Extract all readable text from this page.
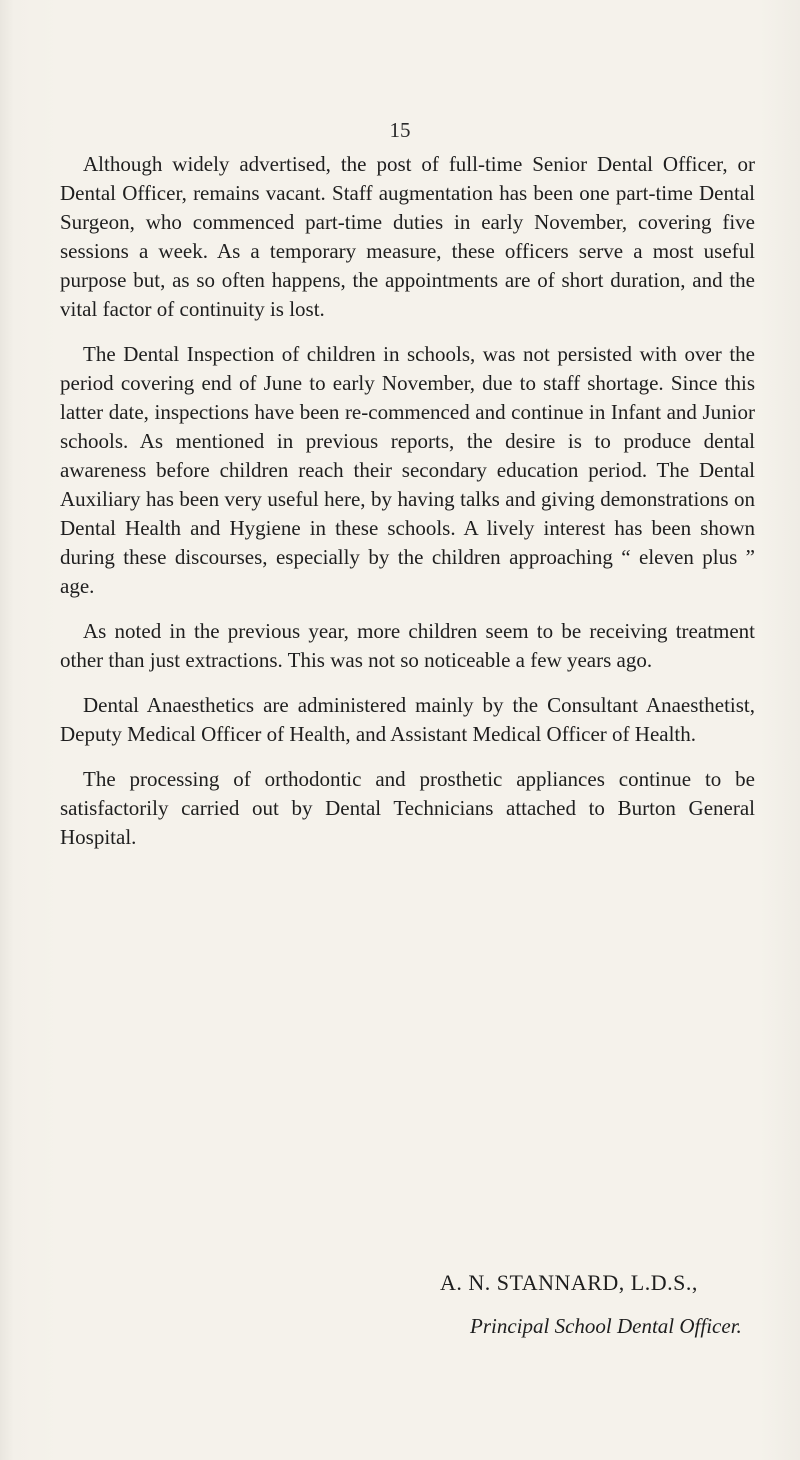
15

Although widely advertised, the post of full-time Senior Dental Officer, or Dental Officer, remains vacant. Staff augmentation has been one part-time Dental Surgeon, who commenced part-time duties in early November, covering five sessions a week. As a temporary measure, these officers serve a most useful purpose but, as so often happens, the appointments are of short duration, and the vital factor of continuity is lost.

The Dental Inspection of children in schools, was not persisted with over the period covering end of June to early November, due to staff shortage. Since this latter date, inspections have been re-commenced and continue in Infant and Junior schools. As mentioned in previous reports, the desire is to produce dental awareness before children reach their secondary education period. The Dental Auxiliary has been very useful here, by having talks and giving demonstrations on Dental Health and Hygiene in these schools. A lively interest has been shown during these discourses, especially by the children approaching “ eleven plus ” age.

As noted in the previous year, more children seem to be receiving treatment other than just extractions. This was not so noticeable a few years ago.

Dental Anaesthetics are administered mainly by the Consultant Anaesthetist, Deputy Medical Officer of Health, and Assistant Medical Officer of Health.

The processing of orthodontic and prosthetic appliances continue to be satisfactorily carried out by Dental Technicians attached to Burton General Hospital.

A. N. STANNARD, L.D.S.,
Principal School Dental Officer.
